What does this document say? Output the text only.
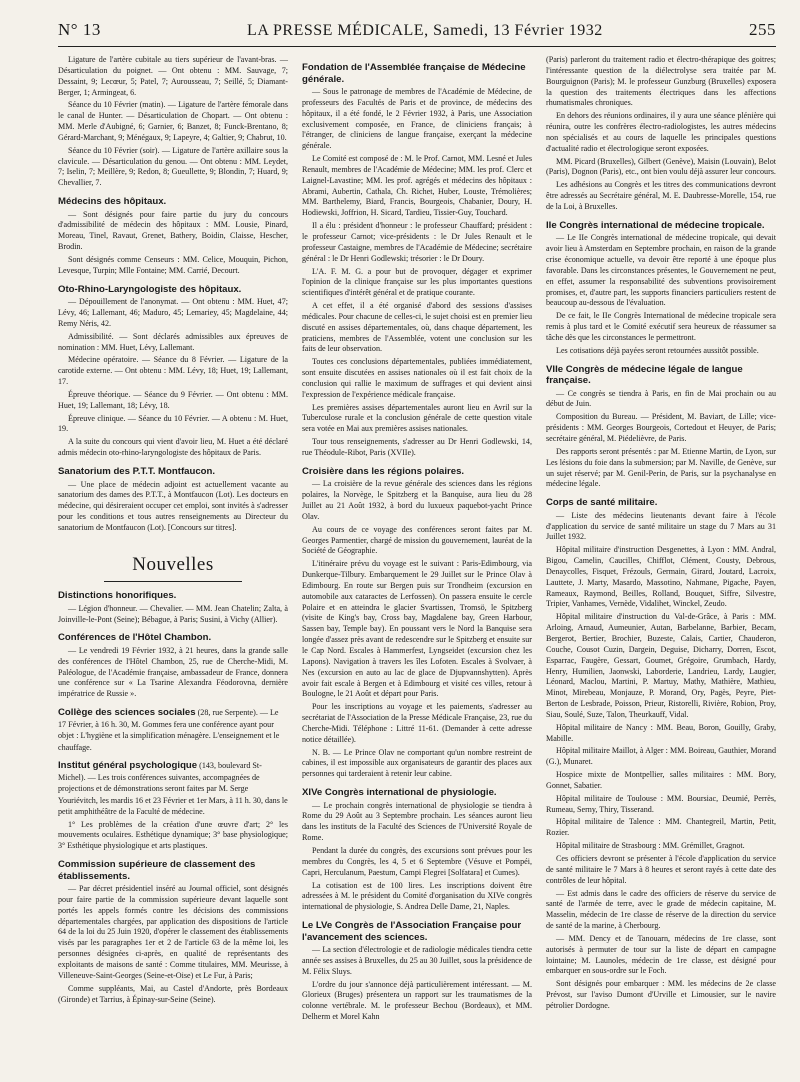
N° 13	LA PRESSE MÉDICALE, Samedi, 13 Février 1932	255

Ligature de l'artère cubitale au tiers supérieur de l'avant-bras. — Désarticulation du poignet. — Ont obtenu : MM. Sauvage, 7; Dessaint, 9; Lecœur, 5; Patel, 7; Aurousseau, 7; Seillé, 5; Diamant-Berger, 1; Armingeat, 6.

Séance du 10 Février (matin). — Ligature de l'artère fémorale dans le canal de Hunter. — Désarticulation de Chopart. — Ont obtenu : MM. Merle d'Aubigné, 6; Garnier, 6; Banzet, 8; Funck-Brentano, 8; Gérard-Marchant, 9; Ménégaux, 9; Lapeyre, 4; Galtier, 9; Chabrut, 10.

Séance du 10 Février (soir). — Ligature de l'artère axillaire sous la clavicule. — Désarticulation du genou. — Ont obtenu : MM. Leydet, 7; Iselin, 7; Meillère, 9; Redon, 8; Gueullette, 9; Blondin, 7; Huard, 9; Chevallier, 7.

Médecins des hôpitaux.

— Sont désignés pour faire partie du jury du concours d'admissibilité de médecin des hôpitaux : MM. Lousie, Pinard, Moreau, Tinel, Ravaut, Grenet, Bathery, Boidin, Claisse, Hescher, Brodin.

Sont désignés comme Censeurs : MM. Celice, Mouquin, Pichon, Levesque, Turpin; Mlle Fontaine; MM. Carrié, Decourt.

Oto-Rhino-Laryngologiste des hôpitaux.

— Dépouillement de l'anonymat. — Ont obtenu : MM. Huet, 47; Lévy, 46; Lallemant, 46; Maduro, 45; Lemariey, 45; Magdelaine, 44; Remy Néris, 42.

Admissibilité. — Sont déclarés admissibles aux épreuves de nomination : MM. Huet, Lévy, Lallemant.

Médecine opératoire. — Séance du 8 Février. — Ligature de la carotide externe. — Ont obtenu : MM. Lévy, 18; Huet, 19; Lallemant, 17.

Épreuve théorique. — Séance du 9 Février. — Ont obtenu : MM. Huet, 19; Lallemant, 18; Lévy, 18.

Épreuve clinique. — Séance du 10 Février. — A obtenu : M. Huet, 19.

A la suite du concours qui vient d'avoir lieu, M. Huet a été déclaré admis médecin oto-rhino-laryngologiste des hôpitaux de Paris.

Sanatorium des P.T.T. Montfaucon.

— Une place de médecin adjoint est actuellement vacante au sanatorium des dames des P.T.T., à Montfaucon (Lot). Les docteurs en médecine, qui désireraient occuper cet emploi, sont invités à s'adresser pour les conditions et tous autres renseignements au Directeur du sanatorium de Montfaucon (Lot). [Concours sur titres].

Nouvelles
Distinctions honorifiques.

— Légion d'honneur. — Chevalier. — MM. Jean Chatelin; Zalta, à Joinville-le-Pont (Seine); Bébague, à Paris; Susini, à Vichy (Allier).

Conférences de l'Hôtel Chambon.

— Le vendredi 19 Février 1932, à 21 heures, dans la grande salle des conférences de l'Hôtel Chambon, 25, rue de Cherche-Midi, M. Paléologue, de l'Académie française, ambassadeur de France, donnera une conférence sur « La Tsarine Alexandra Féodorovna, dernière impératrice de Russie ».

Collège des sciences sociales (28, rue Serpente). — Le 17 Février, à 16 h. 30, M. Gommes fera une conférence ayant pour objet : L'hygiène et la simplification ménagère. L'enseignement et le chauffage.
Institut général psychologique (143, boulevard St-Michel). — Les trois conférences suivantes, accompagnées de projections et de démonstrations seront faites par M. Serge Youriévitch, les mardis 16 et 23 Février et 1er Mars, à 11 h. 30, dans le petit amphithéâtre de la Faculté de médecine.

1° Les problèmes de la création d'une œuvre d'art; 2° les mouvements oculaires. Esthétique dynamique; 3° base physiologique; 3° Esthétique physiologique et arts plastiques.

Commission supérieure de classement des établissements.

— Par décret présidentiel inséré au Journal officiel, sont désignés pour faire partie de la commission supérieure devant laquelle sont portés les appels formés contre les décisions des commissions départementales chargées, par application des dispositions de l'article 64 de la loi du 25 Juin 1920, d'opérer le classement des établissements visés par les paragraphes 1er et 2 de l'article 63 de la même loi, les personnes désignées ci-après, en qualité de représentants des exploitants de maisons de santé : Comme titulaires, MM. Meurisse, à Villeneuve-Saint-Georges (Seine-et-Oise) et Le Fur, à Paris;

Comme suppléants, Mai, au Castel d'Andorte, près Bordeaux (Gironde) et Tarrius, à Épinay-sur-Seine (Seine).

Fondation de l'Assemblée française de Médecine générale.

— Sous le patronage de membres de l'Académie de Médecine, de professeurs des Facultés de Paris et de province, de médecins des hôpitaux, il a été fondé, le 2 Février 1932, à Paris, une Association exclusivement composée, en France, de cliniciens français; à l'étranger, de cliniciens de langue française, exerçant la médecine générale.

Le Comité est composé de : M. le Prof. Carnot, MM. Lesné et Jules Renault, membres de l'Académie de Médecine; MM. les prof. Clerc et Laignel-Lavastine; MM. les prof. agrégés et médecins des hôpitaux : Abrami, Aubertin, Cathala, Ch. Richet, Huber, Louste, Trémolières; MM. Barthelemy, Biard, Francis, Bourgeois, Chabanier, Doury, H. Hodiewski, Joffrion, H. Sicard, Tardieu, Tissier-Guy, Touchard.

Il a élu : président d'honneur : le professeur Chauffard; président : le professeur Carnot; vice-présidents : le Dr Jules Renault et le professeur Castaigne, membres de l'Académie de Médecine; secrétaire général : le Dr Henri Godlewski; trésorier : le Dr Doury.

L'A. F. M. G. a pour but de provoquer, dégager et exprimer l'opinion de la clinique française sur les plus importantes questions scientifiques d'intérêt général et de pratique courante.

A cet effet, il a été organisé d'abord des sessions d'assises médicales. Pour chacune de celles-ci, le sujet choisi est en premier lieu discuté en assises départementales, où, dans chaque département, les praticiens, membres de l'Assemblée, votent une conclusion sur les faits de leur observation.

Toutes ces conclusions départementales, publiées immédiatement, sont ensuite discutées en assises nationales où il est fait choix de la conclusion qui rallie le maximum de suffrages et qui devient ainsi l'expression de l'expérience médicale française.

Les premières assises départementales auront lieu en Avril sur la Tuberculose rurale et la conclusion générale de cette question vitale sera votée en Mai aux premières assises nationales.

Tour tous renseignements, s'adresser au Dr Henri Godlewski, 14, rue Théodule-Ribot, Paris (XVIIe).

Croisière dans les régions polaires.

— La croisière de la revue générale des sciences dans les régions polaires, la Norvège, le Spitzberg et la Banquise, aura lieu du 28 Juillet au 21 Août 1932, à bord du luxueux paquebot-yacht Prince Olav.

Au cours de ce voyage des conférences seront faites par M. Georges Parmentier, chargé de mission du gouvernement, lauréat de la Société de Géographie.

L'itinéraire prévu du voyage est le suivant : Paris-Edimbourg, via Dunkerque-Tilbury. Embarquement le 29 Juillet sur le Prince Olav à Edimbourg. En route sur Bergen puis sur Trondheim (excursion en automobile aux cataractes de Lerfossen). On passera ensuite le cercle Polaire et en atteindra le glacier Svartissen, Tromsö, le Spitzberg (visite de King's bay, Cross bay, Magdalene bay, Green Harbour, Sassen bay, Temple bay). En poussant vers le Nord la Banquise sera longée d'assez près avant de redescendre sur le Spitzberg et ensuite sur le Cap Nord. Escales à Hammerfest, Lyngseidet (excursion chez les Lapons). Navigation à travers les îles Lofoten. Escales à Svolvaer, à Nes (excursion en auto au lac de glace de Djupvannshytten). Après avoir fait escale à Bergen et à Edimbourg et visité ces villes, retour à Boulogne, le 21 Août et départ pour Paris.

Pour les inscriptions au voyage et les paiements, s'adresser au secrétariat de l'Association de la Presse Médicale Française, 23, rue du Cherche-Midi. Téléphone : Littré 11-61. (Demander à cette adresse notice détaillée).

N. B. — Le Prince Olav ne comportant qu'un nombre restreint de cabines, il est impossible aux organisateurs de garantir des places aux personnes qui tarderaient à retenir leur cabine.

XIVe Congrès international de physiologie.

— Le prochain congrès international de physiologie se tiendra à Rome du 29 Août au 3 Septembre prochain. Les séances auront lieu dans les instituts de la Faculté des Sciences de l'Université Royale de Rome.

Pendant la durée du congrès, des excursions sont prévues pour les membres du Congrès, les 4, 5 et 6 Septembre (Vésuve et Pompéi, Capri, Herculanum, Paestum, Campi Flegrei [Solfatara] et Cumes).

La cotisation est de 100 lires. Les inscriptions doivent être adressées à M. le président du Comité d'organisation du XIVe congrès international de physiologie, S. Andrea Delle Dame, 21, Naples.

Le LVe Congrès de l'Association Française pour l'avancement des sciences.

— La section d'électrologie et de radiologie médicales tiendra cette année ses assises à Bruxelles, du 25 au 30 Juillet, sous la présidence de M. Félix Sluys.

L'ordre du jour s'annonce déjà particulièrement intéressant. — M. Glorieux (Bruges) présentera un rapport sur les traumatismes de la colonne vertébrale. M. le professeur Bechou (Bordeaux), et MM. Delherm et Morel Kahn

(Paris) parleront du traitement radio et électro-thérapique des goitres; l'intéressante question de la diélectrolyse sera traitée par M. Bourguignon (Paris); M. le professeur Gunzburg (Bruxelles) exposera la question des traitements électriques dans les affections rhumatismales chroniques.

En dehors des réunions ordinaires, il y aura une séance plénière qui réunira, outre les confrères électro-radiologistes, les autres médecins non spécialisés et au cours de laquelle les principales questions d'actualité radio et électrologique seront exposées.

MM. Picard (Bruxelles), Gilbert (Genève), Maisin (Louvain), Belot (Paris), Dognon (Paris), etc., ont bien voulu déjà assurer leur concours.

Les adhésions au Congrès et les titres des communications devront être adressés au Secrétaire général, M. E. Daubresse-Morelle, 154, rue de la Loi, à Bruxelles.

IIe Congrès international de médecine tropicale.

— Le IIe Congrès international de médecine tropicale, qui devait avoir lieu à Amsterdam en Septembre prochain, en raison de la grande crise économique actuelle, va devoir être reporté à une époque plus favorable. Dans les circonstances présentes, le Gouvernement ne peut, en effet, assumer la responsabilité des subventions provisoirement promises, et, d'autre part, les supports financiers particuliers restent de beaucoup au-dessous de l'évaluation.

De ce fait, le IIe Congrès International de médecine tropicale sera remis à plus tard et le Comité exécutif sera heureux de réassumer sa tâche dès que les circonstances le permettront.

Les cotisations déjà payées seront retournées aussitôt possible.

VIIe Congrès de médecine légale de langue française.

— Ce congrès se tiendra à Paris, en fin de Mai prochain ou au début de Juin.

Composition du Bureau. — Président, M. Baviart, de Lille; vice-présidents : MM. Georges Bourgeois, Cortedout et Heuyer, de Paris; secrétaire général, M. Piédelièvre, de Paris.

Des rapports seront présentés : par M. Etienne Martin, de Lyon, sur Les lésions du foie dans la submersion; par M. Naville, de Genève, sur un sujet réservé; par M. Genil-Perin, de Paris, sur la psychanalyse en médecine légale.

Corps de santé militaire.

— Liste des médecins lieutenants devant faire à l'école d'application du service de santé militaire un stage du 7 Mars au 31 Juillet 1932.

Hôpital militaire d'instruction Desgenettes, à Lyon : MM. Andral, Bigou, Camelin, Caucilles, Chifflot, Clément, Cousty, Debrous, Denaycolles, Fisquet, Frézouls, Germain, Girard, Joutard, Lacroix, Lauttete, J. Marty, Masardo, Massotino, Nahmane, Pigache, Payen, Rameaux, Raymond, Beilles, Rolland, Bouquet, Siffre, Silvestre, Tripier, Vanhames, Vernède, Vidalihet, Winckel, Zeudo.

Hôpital militaire d'instruction du Val-de-Grâce, à Paris : MM. Arloing, Arnaud, Aumeunier, Autan, Barbelanne, Barbier, Becam, Bergerot, Bertier, Brochier, Buzeste, Calais, Cartier, Chauderon, Couche, Cousot Cuzin, Dargein, Deguise, Dicharry, Dorren, Escot, Esparrac, Faugère, Gessart, Goumet, Grégoire, Grumbach, Hardy, Henry, Humilien, Jaonwski, Laborderie, Landrieu, Lardy, Laugier, Léonard, Maclou, Martini, P. Martuy, Mathy, Mathière, Mathieu, Minot, Mirebeau, Monjauze, P. Morand, Ory, Pagès, Peyre, Piet-Berton de Lesbrade, Poisson, Prieur, Ristorelli, Rivière, Robion, Proy, Siau, Soulé, Suze, Talon, Theurkauff, Vidal.

Hôpital militaire de Nancy : MM. Beau, Boron, Gouilly, Graby, Mabille.

Hôpital militaire Maillot, à Alger : MM. Boireau, Gauthier, Morand (G.), Munaret.

Hospice mixte de Montpellier, salles militaires : MM. Bory, Gonnet, Sabatier.

Hôpital militaire de Toulouse : MM. Boursiac, Deumié, Perrès, Rumeau, Serny, Thiry, Tisserand.

Hôpital militaire de Talence : MM. Chantegreil, Martin, Petit, Rozier.

Hôpital militaire de Strasbourg : MM. Grémillet, Gragnot.

Ces officiers devront se présenter à l'école d'application du service de santé militaire le 7 Mars à 8 heures et seront rayés à cette date des contrôles de leur hôpital.

— Est admis dans le cadre des officiers de réserve du service de santé de l'armée de terre, avec le grade de médecin capitaine, M. Masselin, médecin de 1re classe de réserve de la direction du service de santé de la marine, à Cherbourg.

— MM. Dency et de Tanouarn, médecins de 1re classe, sont autorisés à permuter de tour sur la liste de départ en campagne lointaine; M. Launoles, médecin de 1re classe, est désigné pour embarquer en sous-ordre sur le Foch.

Sont désignés pour embarquer : MM. les médecins de 2e classe Prévost, sur l'aviso Dumont d'Urville et Limousier, sur le navire pétrolier Dordogne.
